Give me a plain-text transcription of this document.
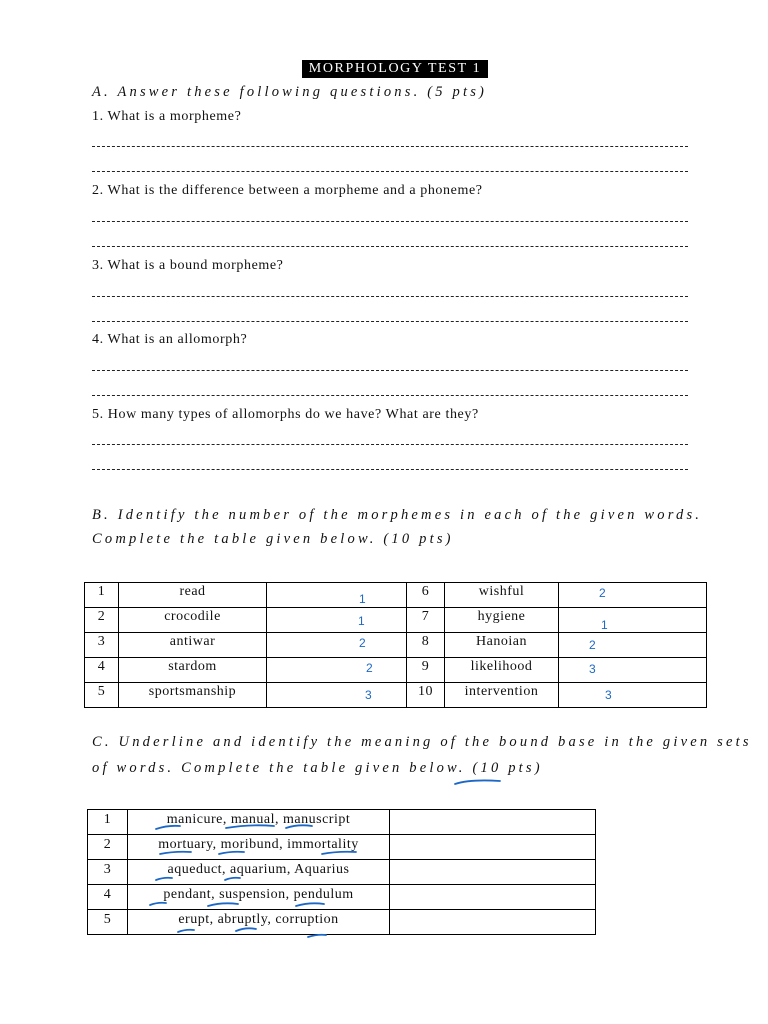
MORPHOLOGY TEST 1
A. Answer these following questions. (5 pts)
1. What is a morpheme?
2. What is the difference between a morpheme and a phoneme?
3. What is a bound morpheme?
4. What is an allomorph?
5. How many types of allomorphs do we have? What are they?
B. Identify the number of the morphemes in each of the given words.
Complete the table given below. (10 pts)
1	read	1	6	wishful	2

2	crocodile	1	7	hygiene	1

3	antiwar	2	8	Hanoian	2

4	stardom	2	9	likelihood	3

5	sportsmanship	3	10	intervention	3
C. Underline and identify the meaning of the bound base in the given sets
of words. Complete the table given below. (10 pts)
1	manicure, manual, manuscript	
2	mortuary, moribund, immortality	
3	aqueduct, aquarium, Aquarius	
4	pendant, suspension, pendulum	
5	erupt, abruptly, corruption	
